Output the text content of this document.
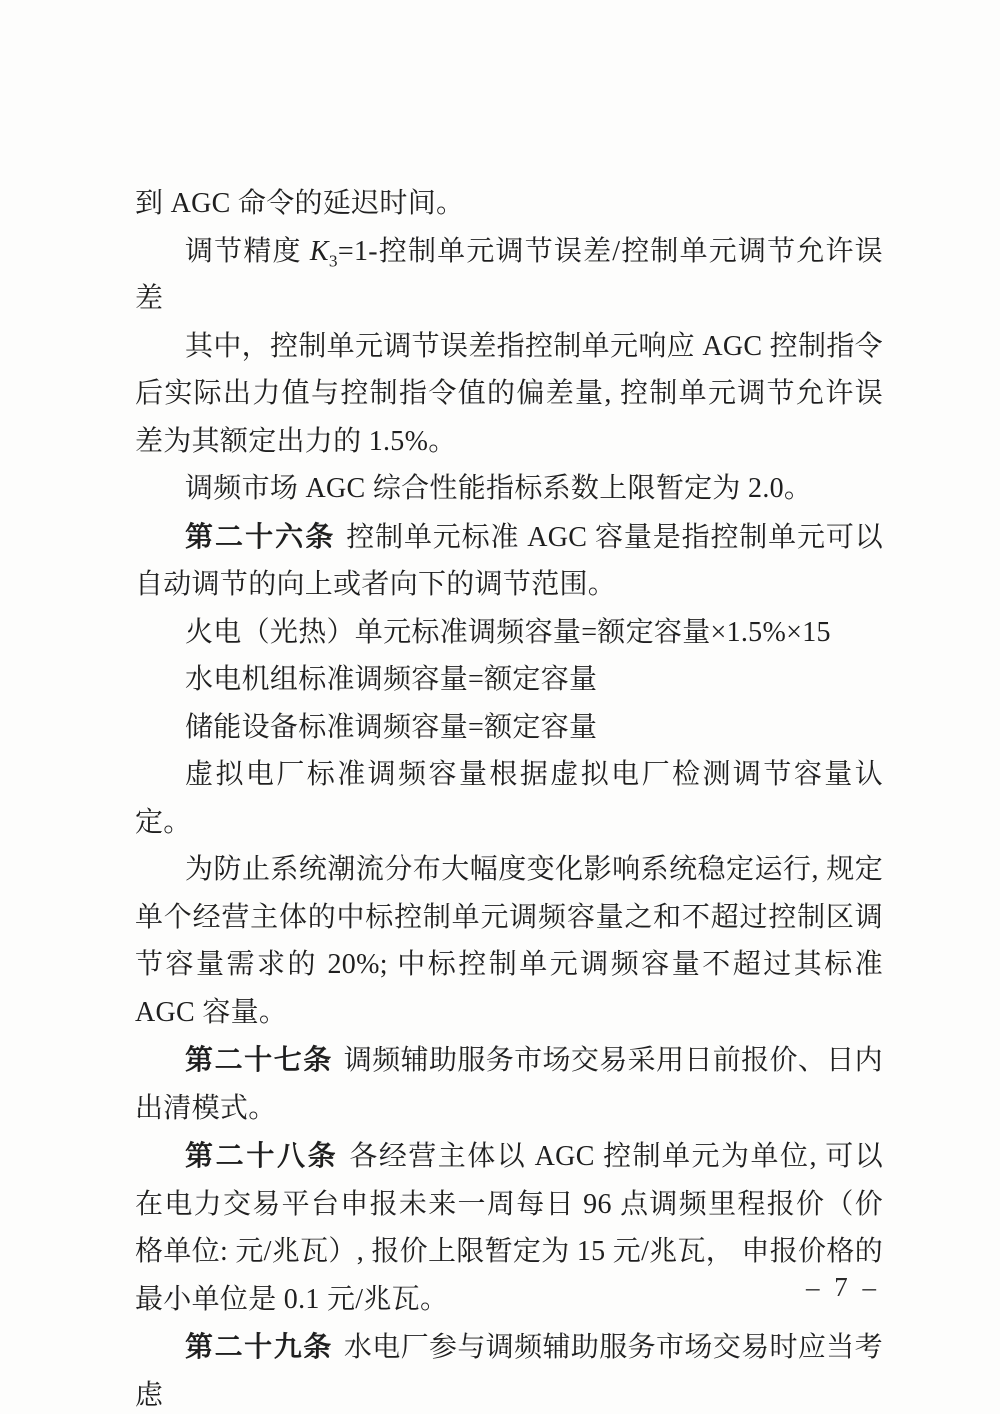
到 AGC 命令的延迟时间。

调节精度 $K_3=1-$控制单元调节误差/控制单元调节允许误差

其中，控制单元调节误差指控制单元响应 AGC 控制指令后实际出力值与控制指令值的偏差量, 控制单元调节允许误差为其额定出力的 1.5%。

调频市场 AGC 综合性能指标系数上限暂定为 2.0。

第二十六条 控制单元标准 AGC 容量是指控制单元可以自动调节的向上或者向下的调节范围。

火电（光热）单元标准调频容量=额定容量×1.5%×15

水电机组标准调频容量=额定容量

储能设备标准调频容量=额定容量

虚拟电厂标准调频容量根据虚拟电厂检测调节容量认定。

为防止系统潮流分布大幅度变化影响系统稳定运行, 规定单个经营主体的中标控制单元调频容量之和不超过控制区调节容量需求的 20%; 中标控制单元调频容量不超过其标准 AGC 容量。

第二十七条 调频辅助服务市场交易采用日前报价、日内出清模式。

第二十八条 各经营主体以 AGC 控制单元为单位, 可以在电力交易平台申报未来一周每日 96 点调频里程报价（价格单位: 元/兆瓦）, 报价上限暂定为 15 元/兆瓦， 申报价格的最小单位是 0.1 元/兆瓦。

第二十九条 水电厂参与调频辅助服务市场交易时应当考虑

– 7 –
